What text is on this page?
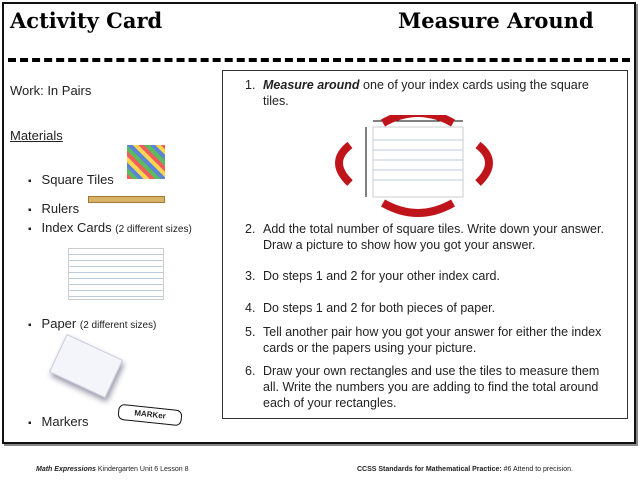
Activity Card	Measure Around
Work: In Pairs
Materials
▪ Square Tiles
▪ Rulers
▪ Index Cards (2 different sizes)
▪ Paper (2 different sizes)
▪ Markers	MARKer
1. Measure around one of your index cards using the square tiles.
2. Add the total number of square tiles. Write down your answer. Draw a picture to show how you got your answer.
3. Do steps 1 and 2 for your other index card.
4. Do steps 1 and 2 for both pieces of paper.
5. Tell another pair how you got your answer for either the index cards or the papers using your picture.
6. Draw your own rectangles and use the tiles to measure them all. Write the numbers you are adding to find the total around each of your rectangles.
Math Expressions Kindergarten Unit 6 Lesson 8	CCSS Standards for Mathematical Practice: #6 Attend to precision.
